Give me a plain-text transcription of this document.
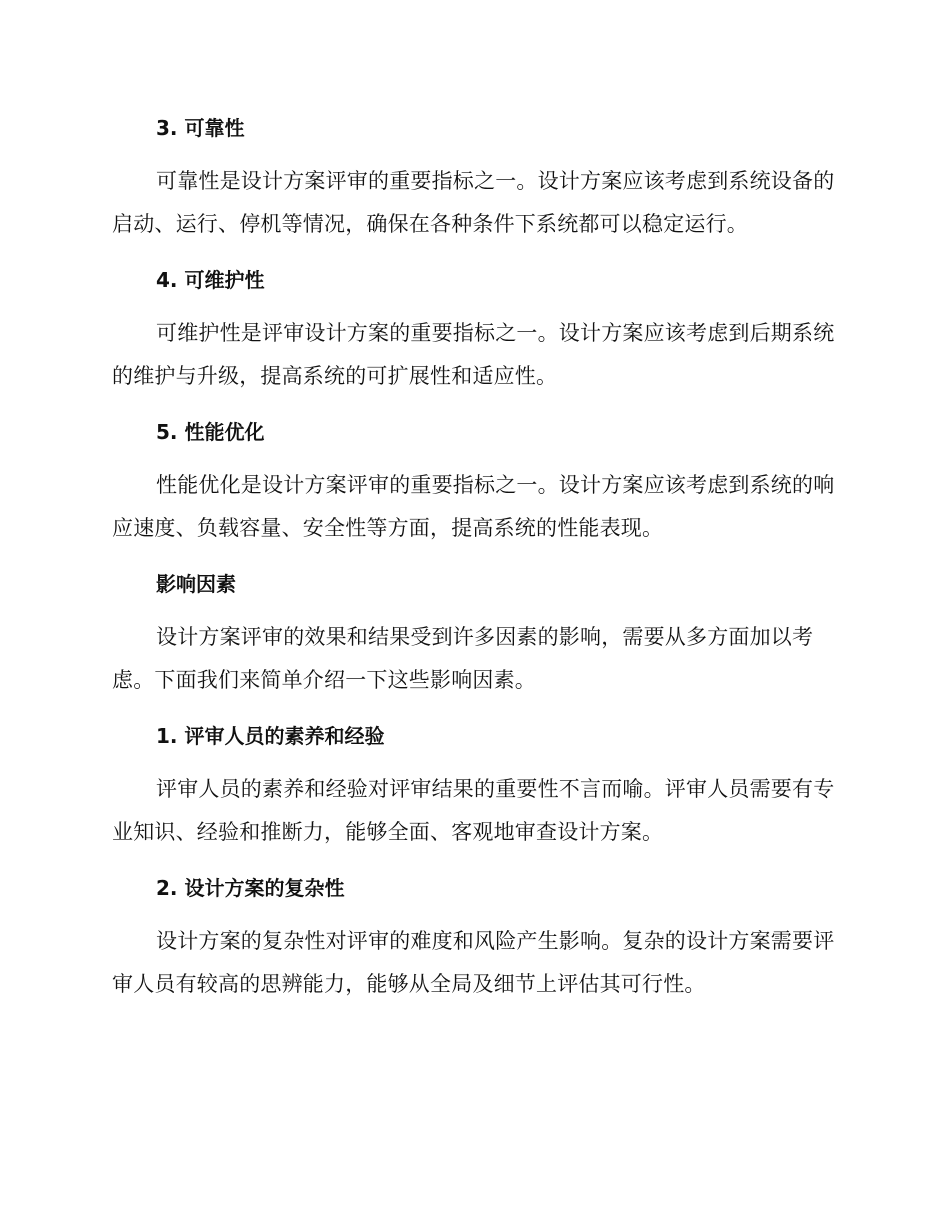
3. 可靠性
可靠性是设计方案评审的重要指标之一。设计方案应该考虑到系统设备的启动、运行、停机等情况，确保在各种条件下系统都可以稳定运行。
4. 可维护性
可维护性是评审设计方案的重要指标之一。设计方案应该考虑到后期系统的维护与升级，提高系统的可扩展性和适应性。
5. 性能优化
性能优化是设计方案评审的重要指标之一。设计方案应该考虑到系统的响应速度、负载容量、安全性等方面，提高系统的性能表现。
影响因素
设计方案评审的效果和结果受到许多因素的影响，需要从多方面加以考虑。下面我们来简单介绍一下这些影响因素。
1. 评审人员的素养和经验
评审人员的素养和经验对评审结果的重要性不言而喻。评审人员需要有专业知识、经验和推断力，能够全面、客观地审查设计方案。
2. 设计方案的复杂性
设计方案的复杂性对评审的难度和风险产生影响。复杂的设计方案需要评审人员有较高的思辨能力，能够从全局及细节上评估其可行性。
